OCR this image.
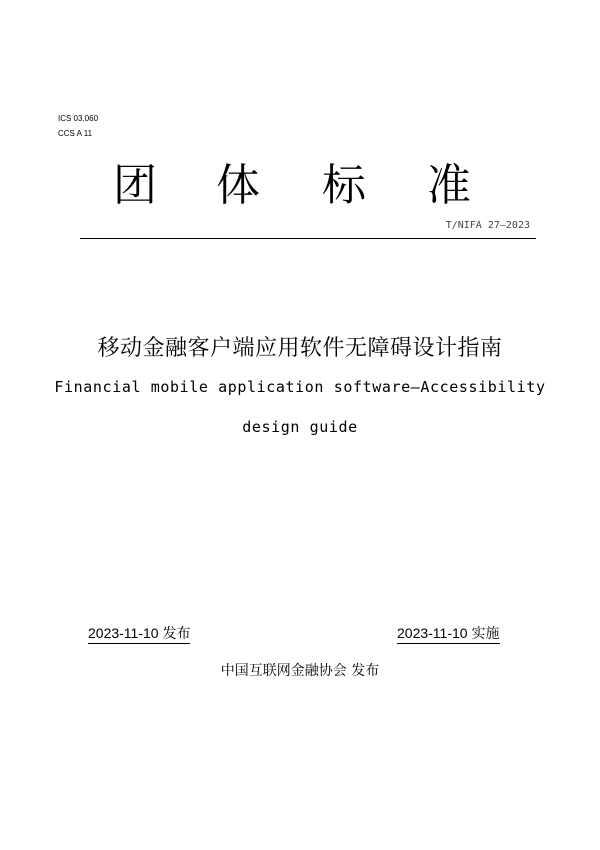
ICS 03.060
CCS A 11
团 体 标 准
T/NIFA 27—2023
移动金融客户端应用软件无障碍设计指南
Financial mobile application software—Accessibility
design guide
2023-11-10 发布	2023-11-10 实施
中国互联网金融协会 发布
